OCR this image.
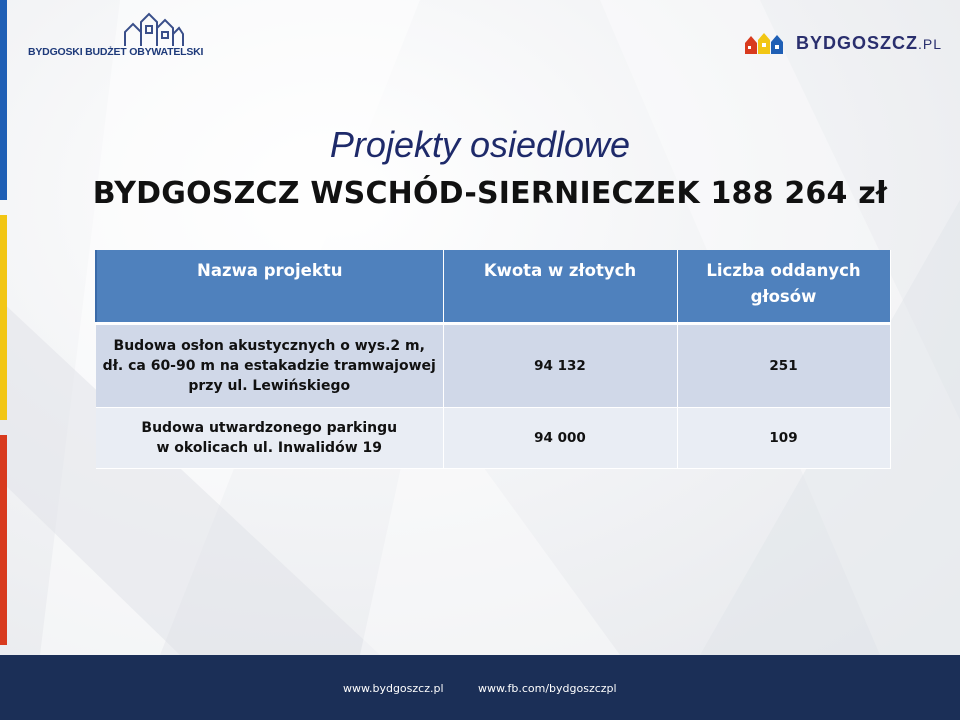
BYDGOSKI BUDŻET OBYWATELSKI	BYDGOSZCZ.PL
Projekty osiedlowe
BYDGOSZCZ WSCHÓD-SIERNIECZEK 188 264 zł
Nazwa projektu	Kwota w złotych	Liczba oddanych głosów

Budowa osłon akustycznych o wys.2 m,
dł. ca 60-90 m na estakadzie tramwajowej
przy ul. Lewińskiego	94 132	251

Budowa utwardzonego parkingu
w okolicach ul. Inwalidów 19	94 000	109
www.bydgoszcz.pl	www.fb.com/bydgoszczpl
